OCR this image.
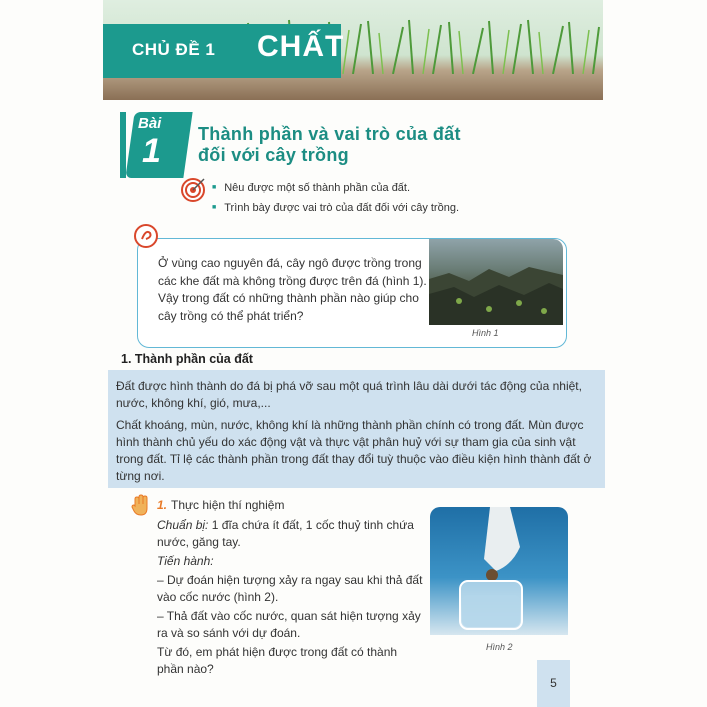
CHỦ ĐỀ 1 CHẤT
Bài
1 Thành phần và vai trò của đất
đối với cây trồng
■ Nêu được một số thành phần của đất.
■ Trình bày được vai trò của đất đối với cây trồng.
Ở vùng cao nguyên đá, cây ngô được trồng trong các khe đất mà không trồng được trên đá (hình 1). Vậy trong đất có những thành phần nào giúp cho cây trồng có thể phát triển?
Hình 1
1. Thành phần của đất

Đất được hình thành do đá bị phá vỡ sau một quá trình lâu dài dưới tác động của nhiệt, nước, không khí, gió, mưa,...

Chất khoáng, mùn, nước, không khí là những thành phần chính có trong đất. Mùn được hình thành chủ yếu do xác động vật và thực vật phân huỷ với sự tham gia của sinh vật trong đất. Tỉ lệ các thành phần trong đất thay đổi tuỳ thuộc vào điều kiện hình thành đất ở từng nơi.

1. Thực hiện thí nghiệm

Chuẩn bị: 1 đĩa chứa ít đất, 1 cốc thuỷ tinh chứa nước, găng tay.

Tiến hành:

– Dự đoán hiện tượng xảy ra ngay sau khi thả đất vào cốc nước (hình 2).

– Thả đất vào cốc nước, quan sát hiện tượng xảy ra và so sánh với dự đoán.

Từ đó, em phát hiện được trong đất có thành phần nào?

Hình 2
5
